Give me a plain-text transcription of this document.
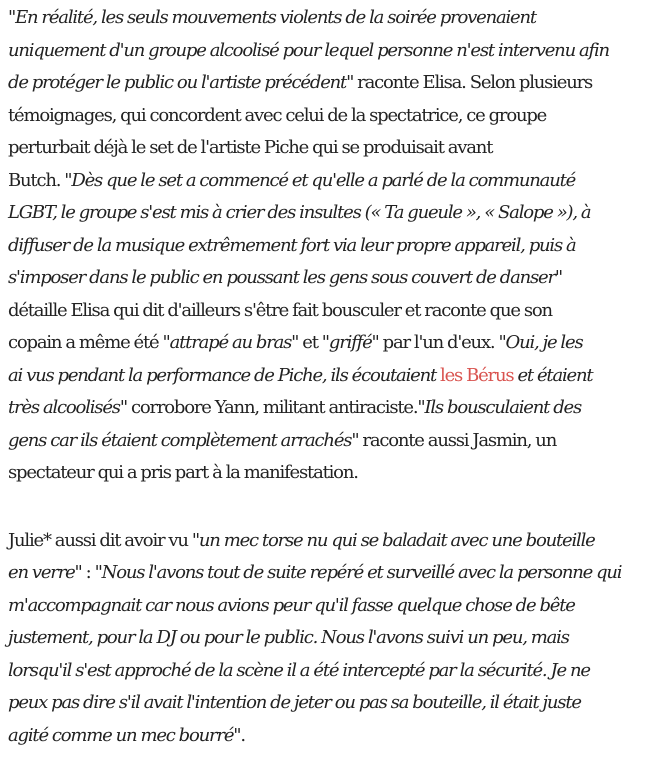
"En réalité, les seuls mouvements violents de la soirée provenaient
uniquement d'un groupe alcoolisé pour lequel personne n'est intervenu afin
de protéger le public ou l'artiste précédent" raconte Elisa. Selon plusieurs
témoignages, qui concordent avec celui de la spectatrice, ce groupe
perturbait déjà le set de l'artiste Piche qui se produisait avant
Butch. "Dès que le set a commencé et qu'elle a parlé de la communauté
LGBT, le groupe s'est mis à crier des insultes (« Ta gueule », « Salope »), à
diffuser de la musique extrêmement fort via leur propre appareil, puis à
s'imposer dans le public en poussant les gens sous couvert de danser"
détaille Elisa qui dit d'ailleurs s'être fait bousculer et raconte que son
copain a même été "attrapé au bras" et "griffé" par l'un d'eux. "Oui, je les
ai vus pendant la performance de Piche, ils écoutaient les Bérus et étaient
très alcoolisés" corrobore Yann, militant antiraciste."Ils bousculaient des
gens car ils étaient complètement arrachés" raconte aussi Jasmin, un
spectateur qui a pris part à la manifestation.

Julie* aussi dit avoir vu "un mec torse nu qui se baladait avec une bouteille
en verre" : "Nous l'avons tout de suite repéré et surveillé avec la personne qui
m'accompagnait car nous avions peur qu'il fasse quelque chose de bête
justement, pour la DJ ou pour le public. Nous l'avons suivi un peu, mais
lorsqu'il s'est approché de la scène il a été intercepté par la sécurité. Je ne
peux pas dire s'il avait l'intention de jeter ou pas sa bouteille, il était juste
agité comme un mec bourré".
